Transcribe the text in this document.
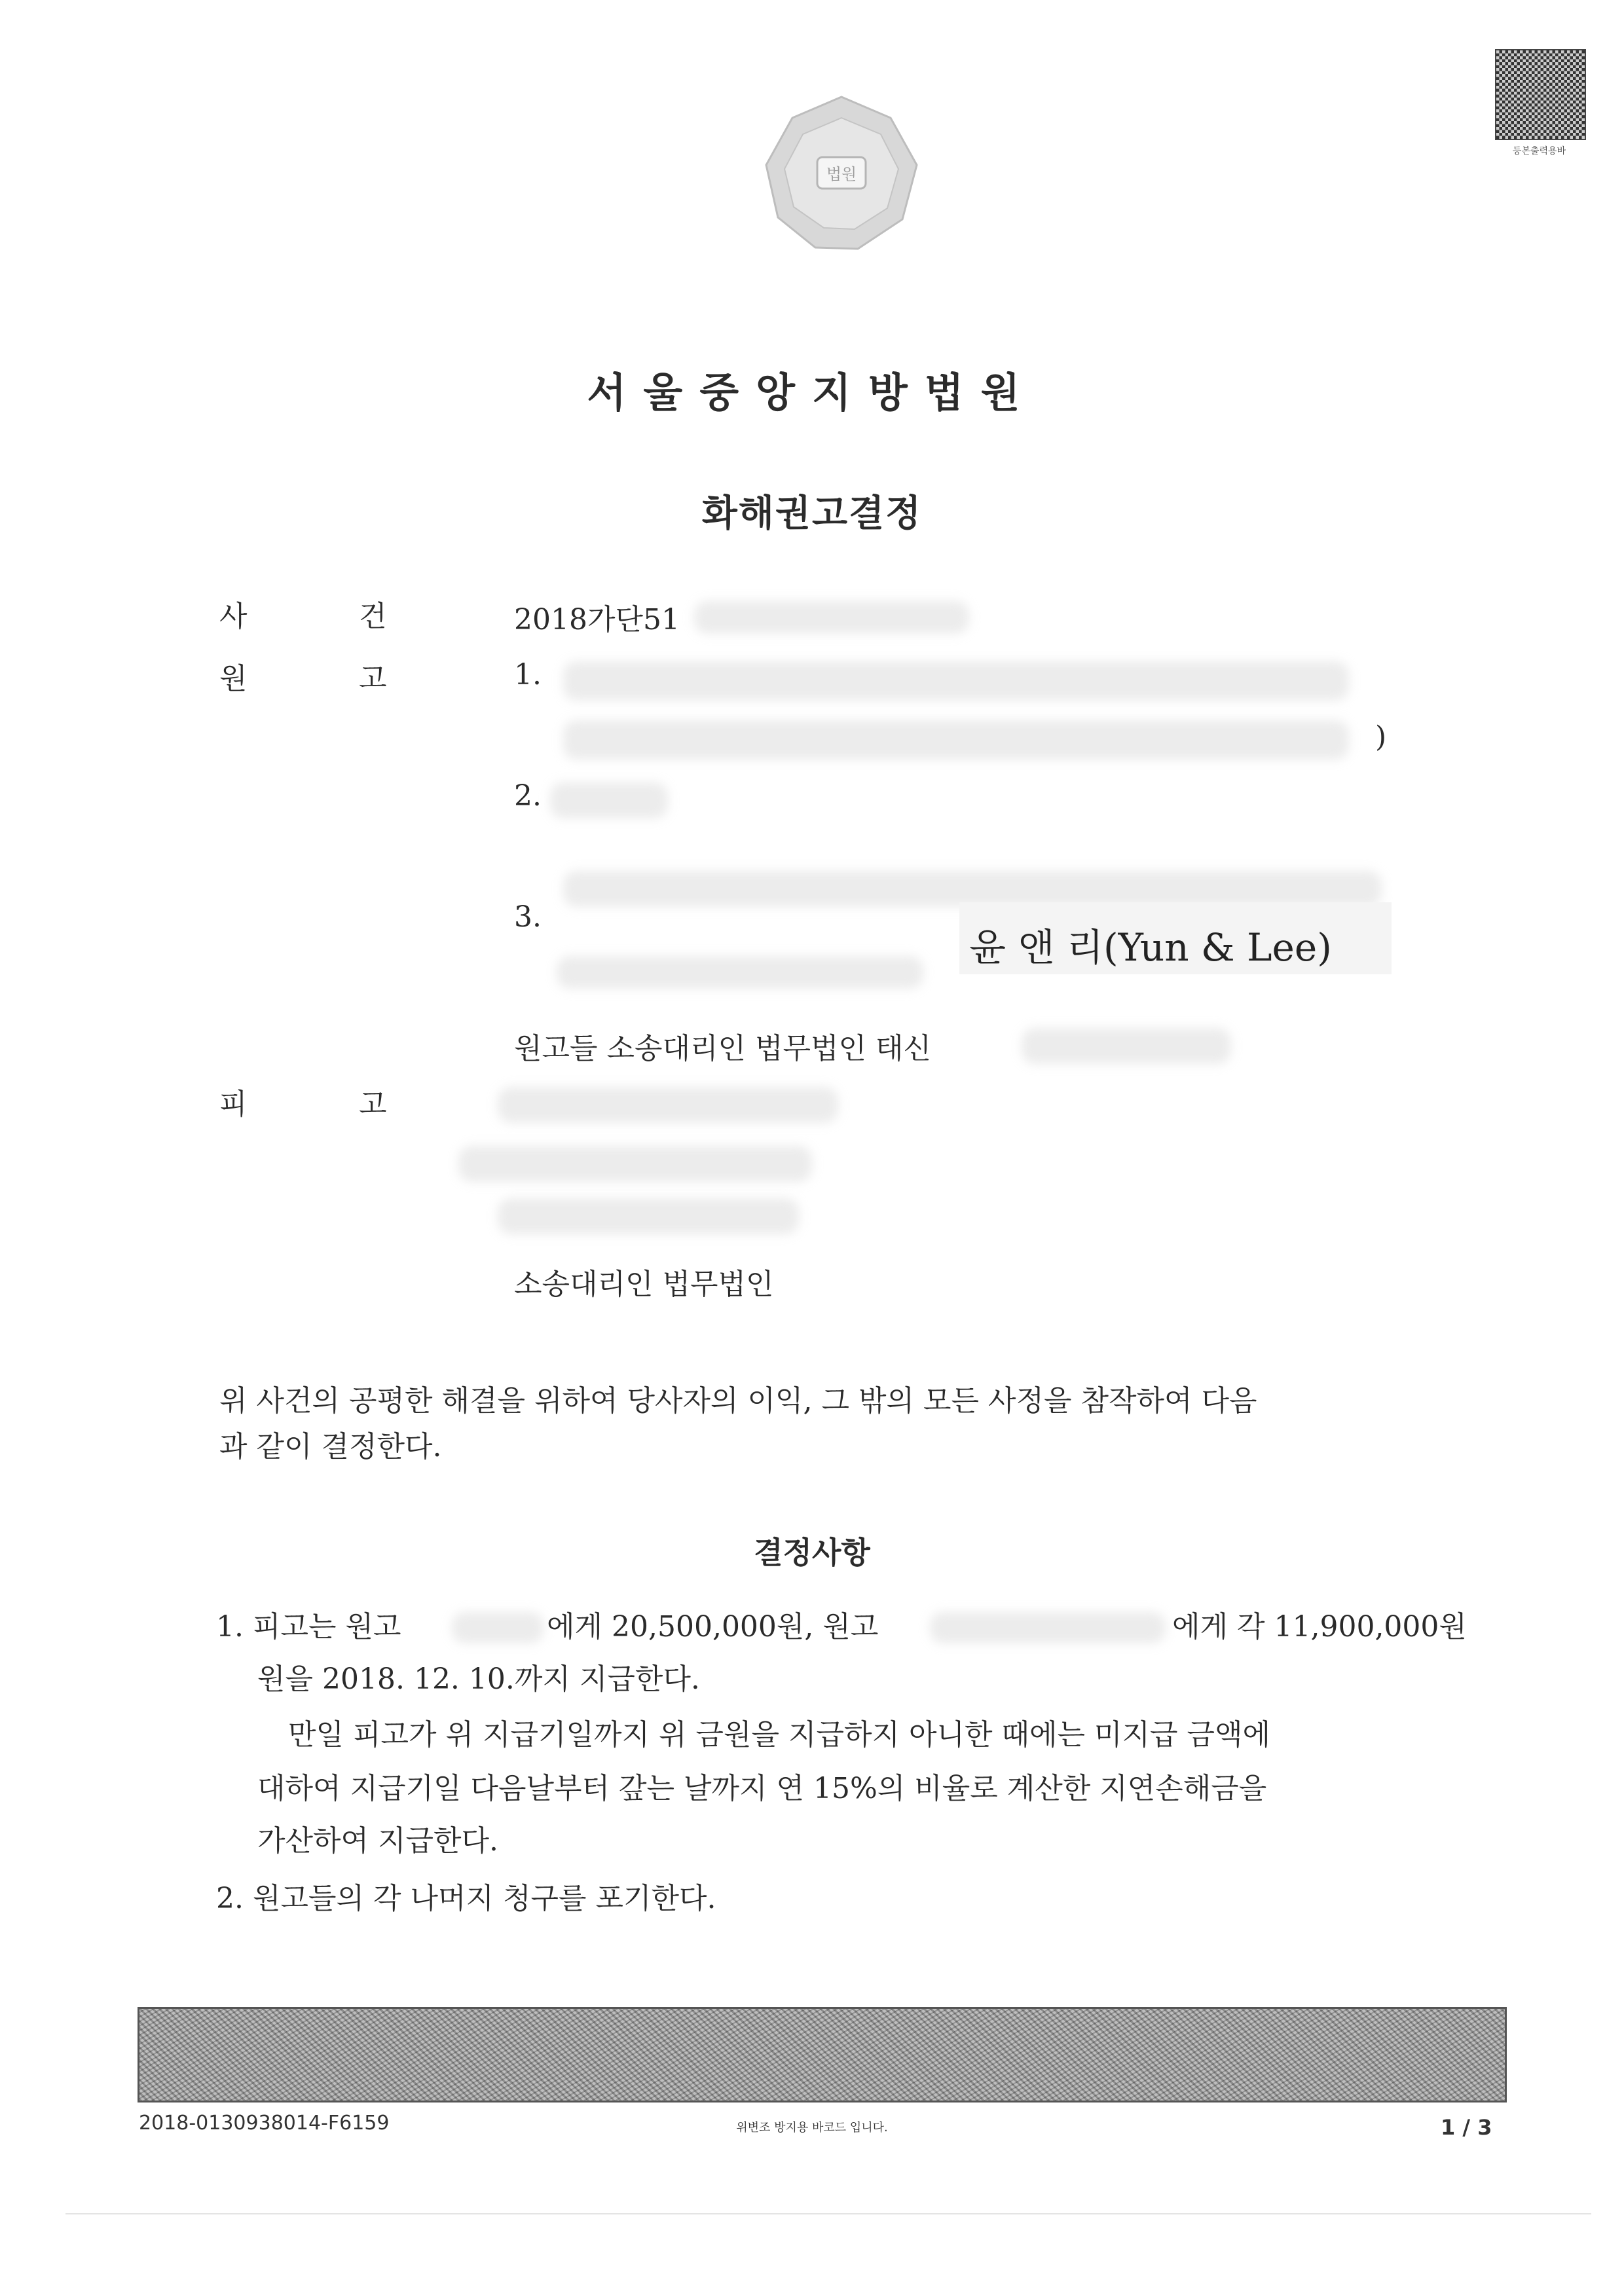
법원
등본출력용바
서울중앙지방법원
화해권고결정
사	건	2018가단51
원	고	1.
)
2.
3.
윤 앤 리(Yun & Lee)
원고들 소송대리인 법무법인 태신
피	고
소송대리인 법무법인
위 사건의 공평한 해결을 위하여 당사자의 이익, 그 밖의 모든 사정을 참작하여 다음
과 같이 결정한다.
결정사항
1. 피고는 원고	에게 20,500,000원, 원고	에게 각 11,900,000원
원을 2018. 12. 10.까지 지급한다.
만일 피고가 위 지급기일까지 위 금원을 지급하지 아니한 때에는 미지급 금액에
대하여 지급기일 다음날부터 갚는 날까지 연 15%의 비율로 계산한 지연손해금을
가산하여 지급한다.
2. 원고들의 각 나머지 청구를 포기한다.
2018-0130938014-F6159	위변조 방지용 바코드 입니다.	1 / 3
